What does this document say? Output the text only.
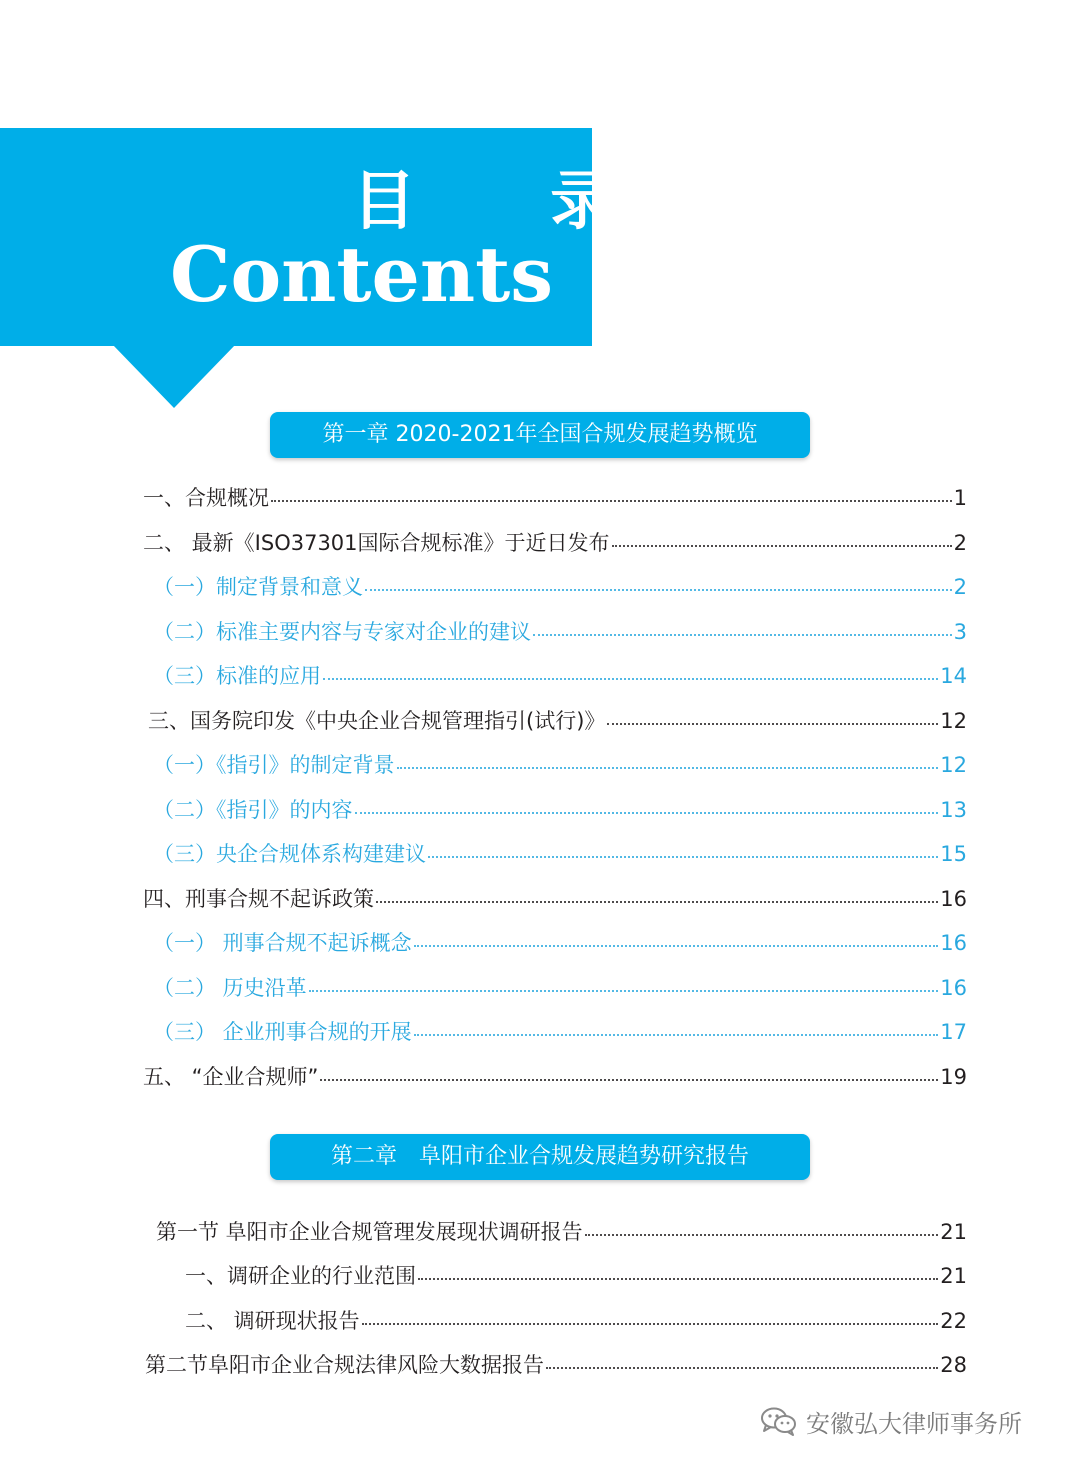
目 录
Contents
第一章 2020-2021年全国合规发展趋势概览
一、合规概况	1
二、 最新《ISO37301国际合规标准》于近日发布	2
（一）制定背景和意义	2
（二）标准主要内容与专家对企业的建议	3
（三）标准的应用	14
三、国务院印发《中央企业合规管理指引(试行)》	12
（一）《指引》的制定背景	12
（二）《指引》的内容	13
（三）央企合规体系构建建议	15
四、刑事合规不起诉政策	16
（一） 刑事合规不起诉概念	16
（二） 历史沿革	16
（三） 企业刑事合规的开展	17
五、 “企业合规师”	19
第二章　阜阳市企业合规发展趋势研究报告
第一节 阜阳市企业合规管理发展现状调研报告	21
一、调研企业的行业范围	21
二、 调研现状报告	22
第二节阜阳市企业合规法律风险大数据报告	28
安徽弘大律师事务所
